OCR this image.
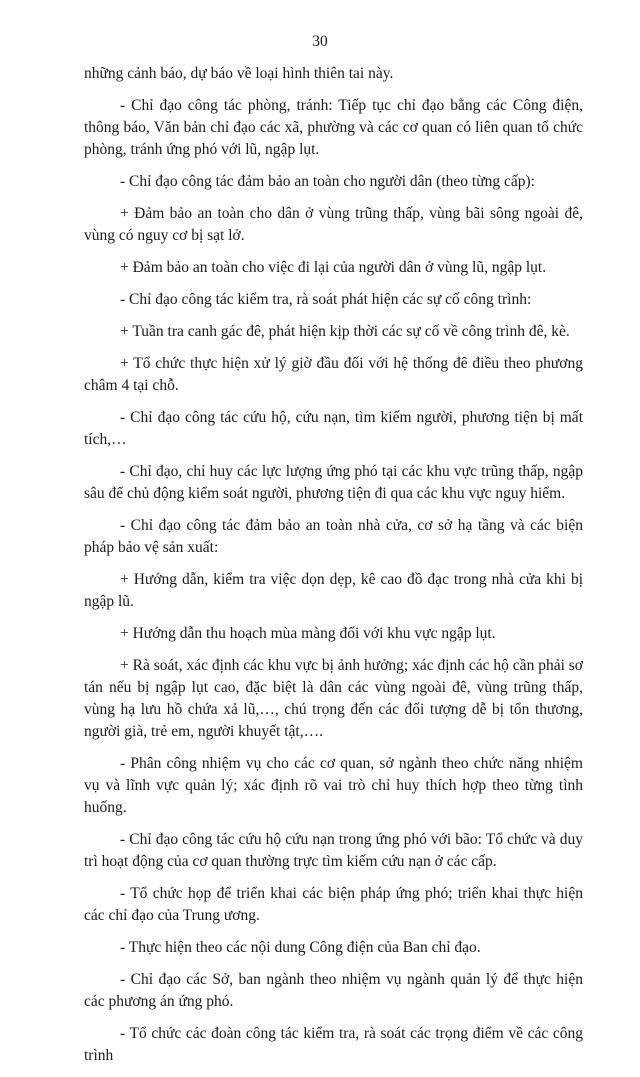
30

những cảnh báo, dự báo về loại hình thiên tai này.

- Chỉ đạo công tác phòng, tránh: Tiếp tục chỉ đạo bằng các Công điện, thông báo, Văn bản chỉ đạo các xã, phường và các cơ quan có liên quan tổ chức phòng, tránh ứng phó với lũ, ngập lụt.

- Chỉ đạo công tác đảm bảo an toàn cho người dân (theo từng cấp):

+ Đảm bảo an toàn cho dân ở vùng trũng thấp, vùng bãi sông ngoài đê, vùng có nguy cơ bị sạt lở.

+ Đảm bảo an toàn cho việc đi lại của người dân ở vùng lũ, ngập lụt.

- Chỉ đạo công tác kiểm tra, rà soát phát hiện các sự cố công trình:

+ Tuần tra canh gác đê, phát hiện kịp thời các sự cố về công trình đê, kè.

+ Tổ chức thực hiện xử lý giờ đầu đối với hệ thống đê điều theo phương châm 4 tại chỗ.

- Chỉ đạo công tác cứu hộ, cứu nạn, tìm kiếm người, phương tiện bị mất tích,…

- Chỉ đạo, chỉ huy các lực lượng ứng phó tại các khu vực trũng thấp, ngập sâu để chủ động kiểm soát người, phương tiện đi qua các khu vực nguy hiểm.

- Chỉ đạo công tác đảm bảo an toàn nhà cửa, cơ sở hạ tầng và các biện pháp bảo vệ sản xuất:

+ Hướng dẫn, kiểm tra việc dọn dẹp, kê cao đồ đạc trong nhà cửa khi bị ngập lũ.

+ Hướng dẫn thu hoạch mùa màng đối với khu vực ngập lụt.

+ Rà soát, xác định các khu vực bị ảnh hưởng; xác định các hộ cần phải sơ tán nếu bị ngập lụt cao, đặc biệt là dân các vùng ngoài đê, vùng trũng thấp, vùng hạ lưu hồ chứa xả lũ,…, chú trọng đến các đối tượng dễ bị tổn thương, người già, trẻ em, người khuyết tật,….

- Phân công nhiệm vụ cho các cơ quan, sở ngành theo chức năng nhiệm vụ và lĩnh vực quản lý; xác định rõ vai trò chỉ huy thích hợp theo từng tình huống.

- Chỉ đạo công tác cứu hộ cứu nạn trong ứng phó với bão: Tổ chức và duy trì hoạt động của cơ quan thường trực tìm kiếm cứu nạn ở các cấp.

- Tổ chức họp để triển khai các biện pháp ứng phó; triển khai thực hiện các chỉ đạo của Trung ương.

- Thực hiện theo các nội dung Công điện của Ban chỉ đạo.

- Chỉ đạo các Sở, ban ngành theo nhiệm vụ ngành quản lý để thực hiện các phương án ứng phó.

- Tổ chức các đoàn công tác kiểm tra, rà soát các trọng điểm về các công trình
